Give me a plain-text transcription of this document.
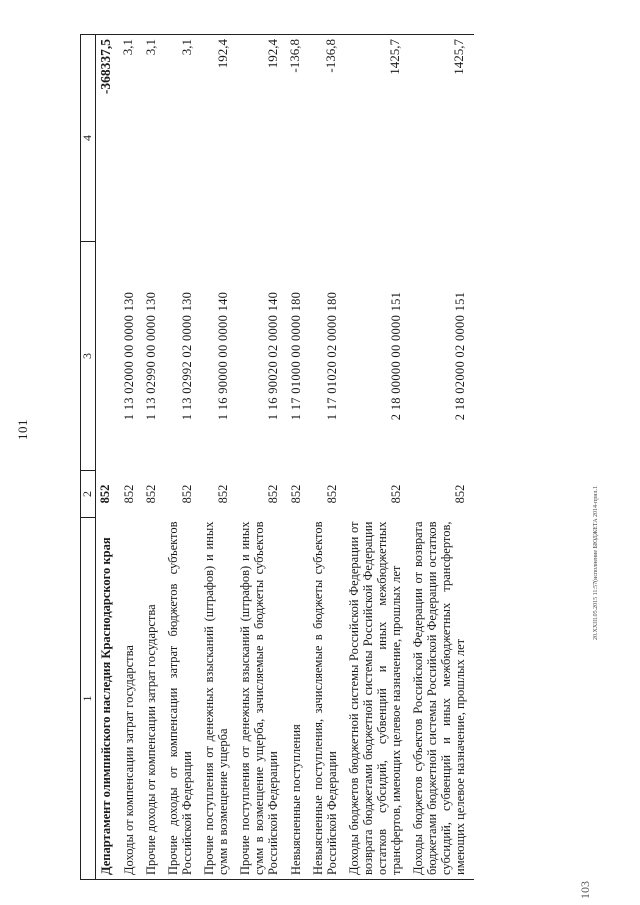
101
103
20.XXIII.05.2015 11:57(исполнение БЮДЖЕТА 2014-прил.1
1	2	3	4
Департамент олимпийского наследия Краснодарского края	852		-368337,5
Доходы от компенсации затрат государства	852	1 13 02000 00 0000 130	3,1
Прочие доходы от компенсации затрат государства	852	1 13 02990 00 0000 130	3,1
Прочие доходы от компенсации затрат бюджетов субъектов Российской Федерации	852	1 13 02992 02 0000 130	3,1
Прочие поступления от денежных взысканий (штрафов) и иных сумм в возмещение ущерба	852	1 16 90000 00 0000 140	192,4
Прочие поступления от денежных взысканий (штрафов) и иных сумм в возмещение ущерба, зачисляемые в бюджеты субъектов Российской Федерации	852	1 16 90020 02 0000 140	192,4
Невыясненные поступления	852	1 17 01000 00 0000 180	-136,8
Невыясненные поступления, зачисляемые в бюджеты субъектов Российской Федерации	852	1 17 01020 02 0000 180	-136,8
Доходы бюджетов бюджетной системы Российской Федерации от возврата бюджетами бюджетной системы Российской Федерации остатков субсидий, субвенций и иных межбюджетных трансфертов, имеющих целевое назначение, прошлых лет	852	2 18 00000 00 0000 151	1425,7
Доходы бюджетов субъектов Российской Федерации от возврата бюджетами бюджетной системы Российской Федерации остатков субсидий, субвенций и иных межбюджетных трансфертов, имеющих целевое назначение, прошлых лет	852	2 18 02000 02 0000 151	1425,7
